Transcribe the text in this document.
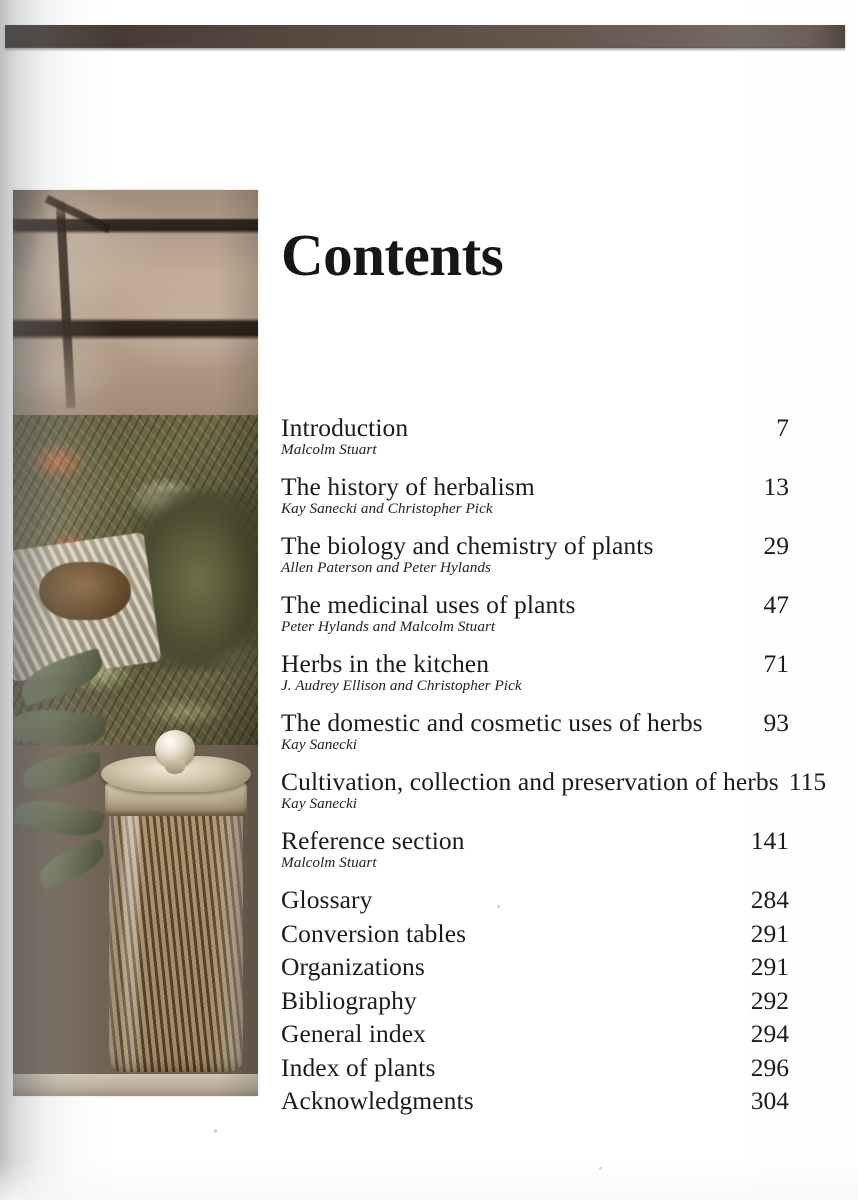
Contents
Introduction	7
Malcolm Stuart
The history of herbalism	13
Kay Sanecki and Christopher Pick
The biology and chemistry of plants	29
Allen Paterson and Peter Hylands
The medicinal uses of plants	47
Peter Hylands and Malcolm Stuart
Herbs in the kitchen	71
J. Audrey Ellison and Christopher Pick
The domestic and cosmetic uses of herbs	93
Kay Sanecki
Cultivation, collection and preservation of herbs 115
Kay Sanecki
Reference section	141
Malcolm Stuart
Glossary	284
Conversion tables	291
Organizations	291
Bibliography	292
General index	294
Index of plants	296
Acknowledgments	304
